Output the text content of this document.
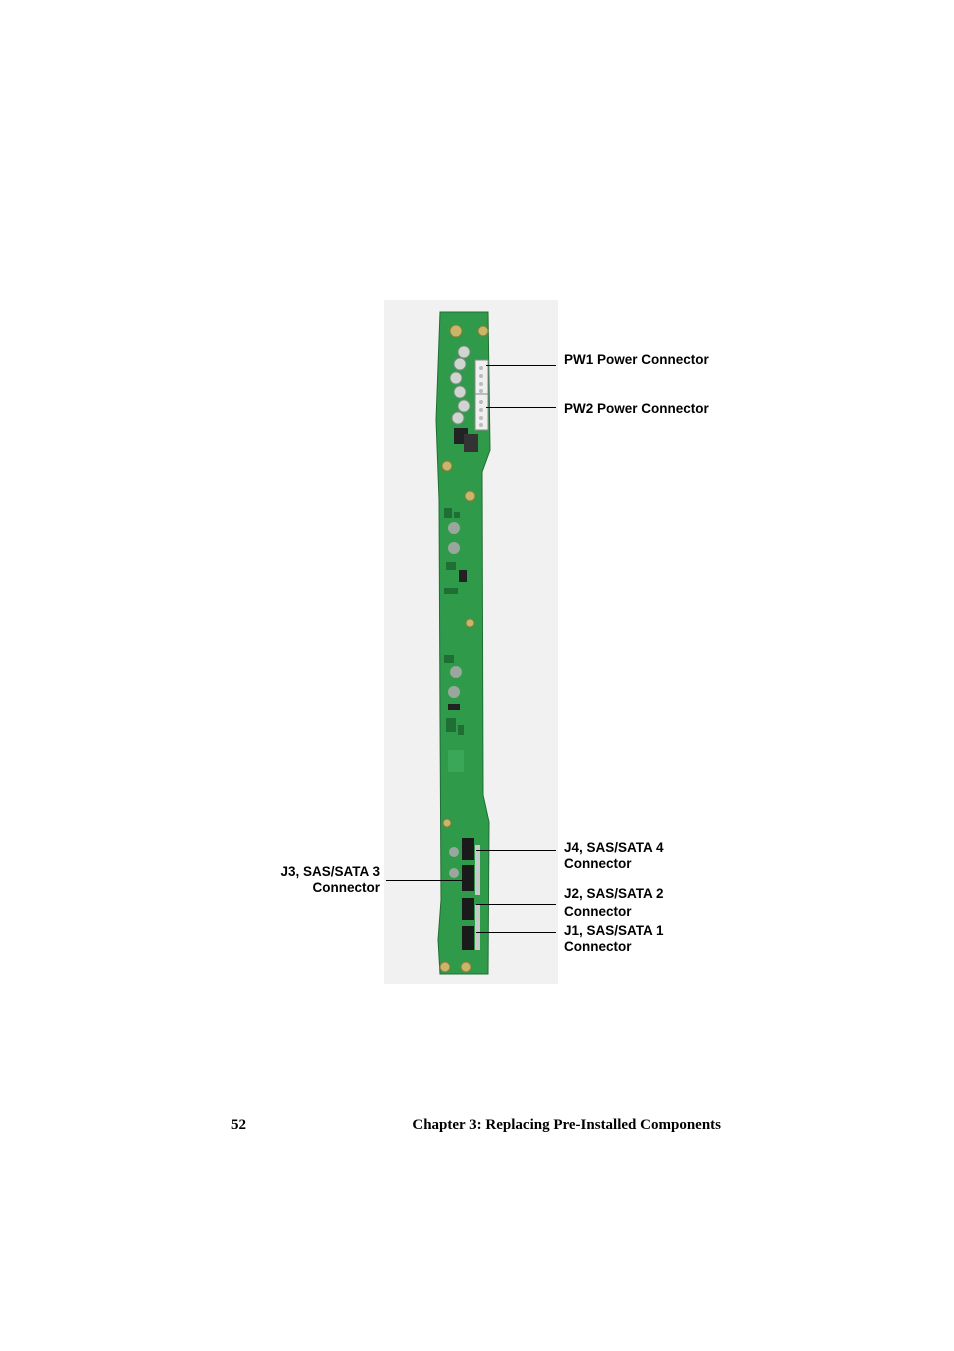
PW1 Power Connector
PW2 Power Connector
J4, SAS/SATA 4
Connector
J3, SAS/SATA 3
Connector	J2, SAS/SATA 2
Connector
J1, SAS/SATA 1
Connector
52	Chapter 3: Replacing Pre-Installed Components
